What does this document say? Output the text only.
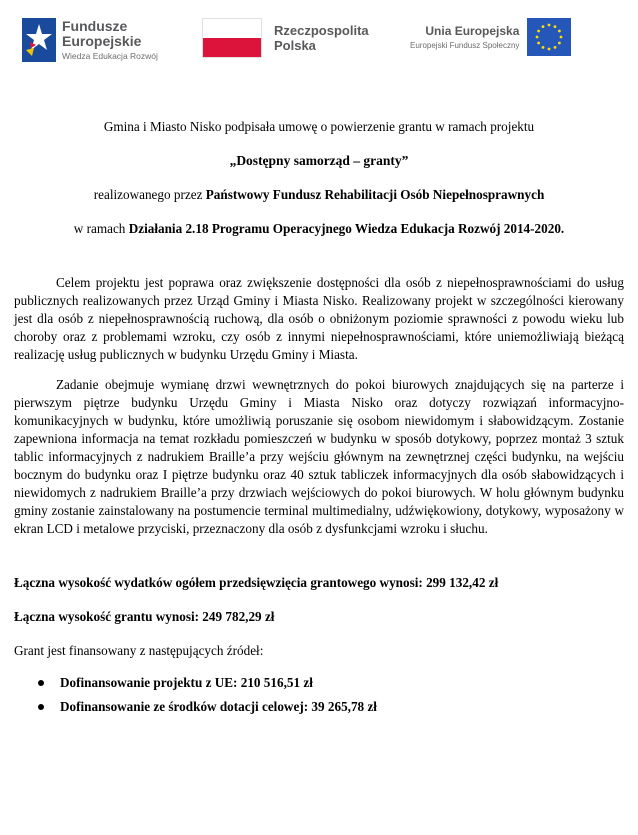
Fundusze
Europejskie
Wiedza Edukacja Rozwój
Rzeczpospolita
Polska
Unia Europejska
Europejski Fundusz Społeczny

Gmina i Miasto Nisko podpisała umowę o powierzenie grantu w ramach projektu

„Dostępny samorząd – granty”

realizowanego przez Państwowy Fundusz Rehabilitacji Osób Niepełnosprawnych

w ramach Działania 2.18 Programu Operacyjnego Wiedza Edukacja Rozwój 2014-2020.

Celem projektu jest poprawa oraz zwiększenie dostępności dla osób z niepełnosprawnościami do usług publicznych realizowanych przez Urząd Gminy i Miasta Nisko. Realizowany projekt w szczególności kierowany jest dla osób z niepełnosprawnością ruchową, dla osób o obniżonym poziomie sprawności z powodu wieku lub choroby oraz z problemami wzroku, czy osób z innymi niepełnosprawnościami, które uniemożliwiają bieżącą realizację usług publicznych w budynku Urzędu Gminy i Miasta.

Zadanie obejmuje wymianę drzwi wewnętrznych do pokoi biurowych znajdujących się na parterze i pierwszym piętrze budynku Urzędu Gminy i Miasta Nisko oraz dotyczy rozwiązań informacyjno-komunikacyjnych w budynku, które umożliwią poruszanie się osobom niewidomym i słabowidzącym. Zostanie zapewniona informacja na temat rozkładu pomieszczeń w budynku w sposób dotykowy, poprzez montaż 3 sztuk tablic informacyjnych z nadrukiem Braille’a przy wejściu głównym na zewnętrznej części budynku, na wejściu bocznym do budynku oraz I piętrze budynku oraz 40 sztuk tabliczek informacyjnych dla osób słabowidzących i niewidomych z nadrukiem Braille’a przy drzwiach wejściowych do pokoi biurowych. W holu głównym budynku gminy zostanie zainstalowany na postumencie terminal multimedialny, udźwiękowiony, dotykowy, wyposażony w ekran LCD i metalowe przyciski, przeznaczony dla osób z dysfunkcjami wzroku i słuchu.

Łączna wysokość wydatków ogółem przedsięwzięcia grantowego wynosi: 299 132,42 zł

Łączna wysokość grantu wynosi: 249 782,29 zł

Grant jest finansowany z następujących źródeł:

Dofinansowanie projektu z UE: 210 516,51 zł
Dofinansowanie ze środków dotacji celowej: 39 265,78 zł
